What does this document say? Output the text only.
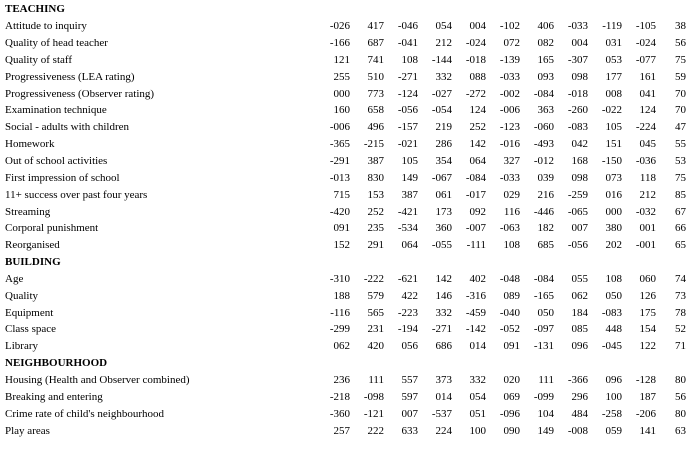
TEACHING											
Attitude to inquiry	-026	417	-046	054	004	-102	406	-033	-119	-105	38
Quality of head teacher	-166	687	-041	212	-024	072	082	004	031	-024	56
Quality of staff	121	741	108	-144	-018	-139	165	-307	053	-077	75
Progressiveness (LEA rating)	255	510	-271	332	088	-033	093	098	177	161	59
Progressiveness (Observer rating)	000	773	-124	-027	-272	-002	-084	-018	008	041	70
Examination technique	160	658	-056	-054	124	-006	363	-260	-022	124	70
Social - adults with children	-006	496	-157	219	252	-123	-060	-083	105	-224	47
Homework	-365	-215	-021	286	142	-016	-493	042	151	045	55
Out of school activities	-291	387	105	354	064	327	-012	168	-150	-036	53
First impression of school	-013	830	149	-067	-084	-033	039	098	073	118	75
11+ success over past four years	715	153	387	061	-017	029	216	-259	016	212	85
Streaming	-420	252	-421	173	092	116	-446	-065	000	-032	67
Corporal punishment	091	235	-534	360	-007	-063	182	007	380	001	66
Reorganised	152	291	064	-055	-111	108	685	-056	202	-001	65
BUILDING											
Age	-310	-222	-621	142	402	-048	-084	055	108	060	74
Quality	188	579	422	146	-316	089	-165	062	050	126	73
Equipment	-116	565	-223	332	-459	-040	050	184	-083	175	78
Class space	-299	231	-194	-271	-142	-052	-097	085	448	154	52
Library	062	420	056	686	014	091	-131	096	-045	122	71
NEIGHBOURHOOD											
Housing (Health and Observer combined)	236	111	557	373	332	020	111	-366	096	-128	80
Breaking and entering	-218	-098	597	014	054	069	-099	296	100	187	56
Crime rate of child's neighbourhood	-360	-121	007	-537	051	-096	104	484	-258	-206	80
Play areas	257	222	633	224	100	090	149	-008	059	141	63
